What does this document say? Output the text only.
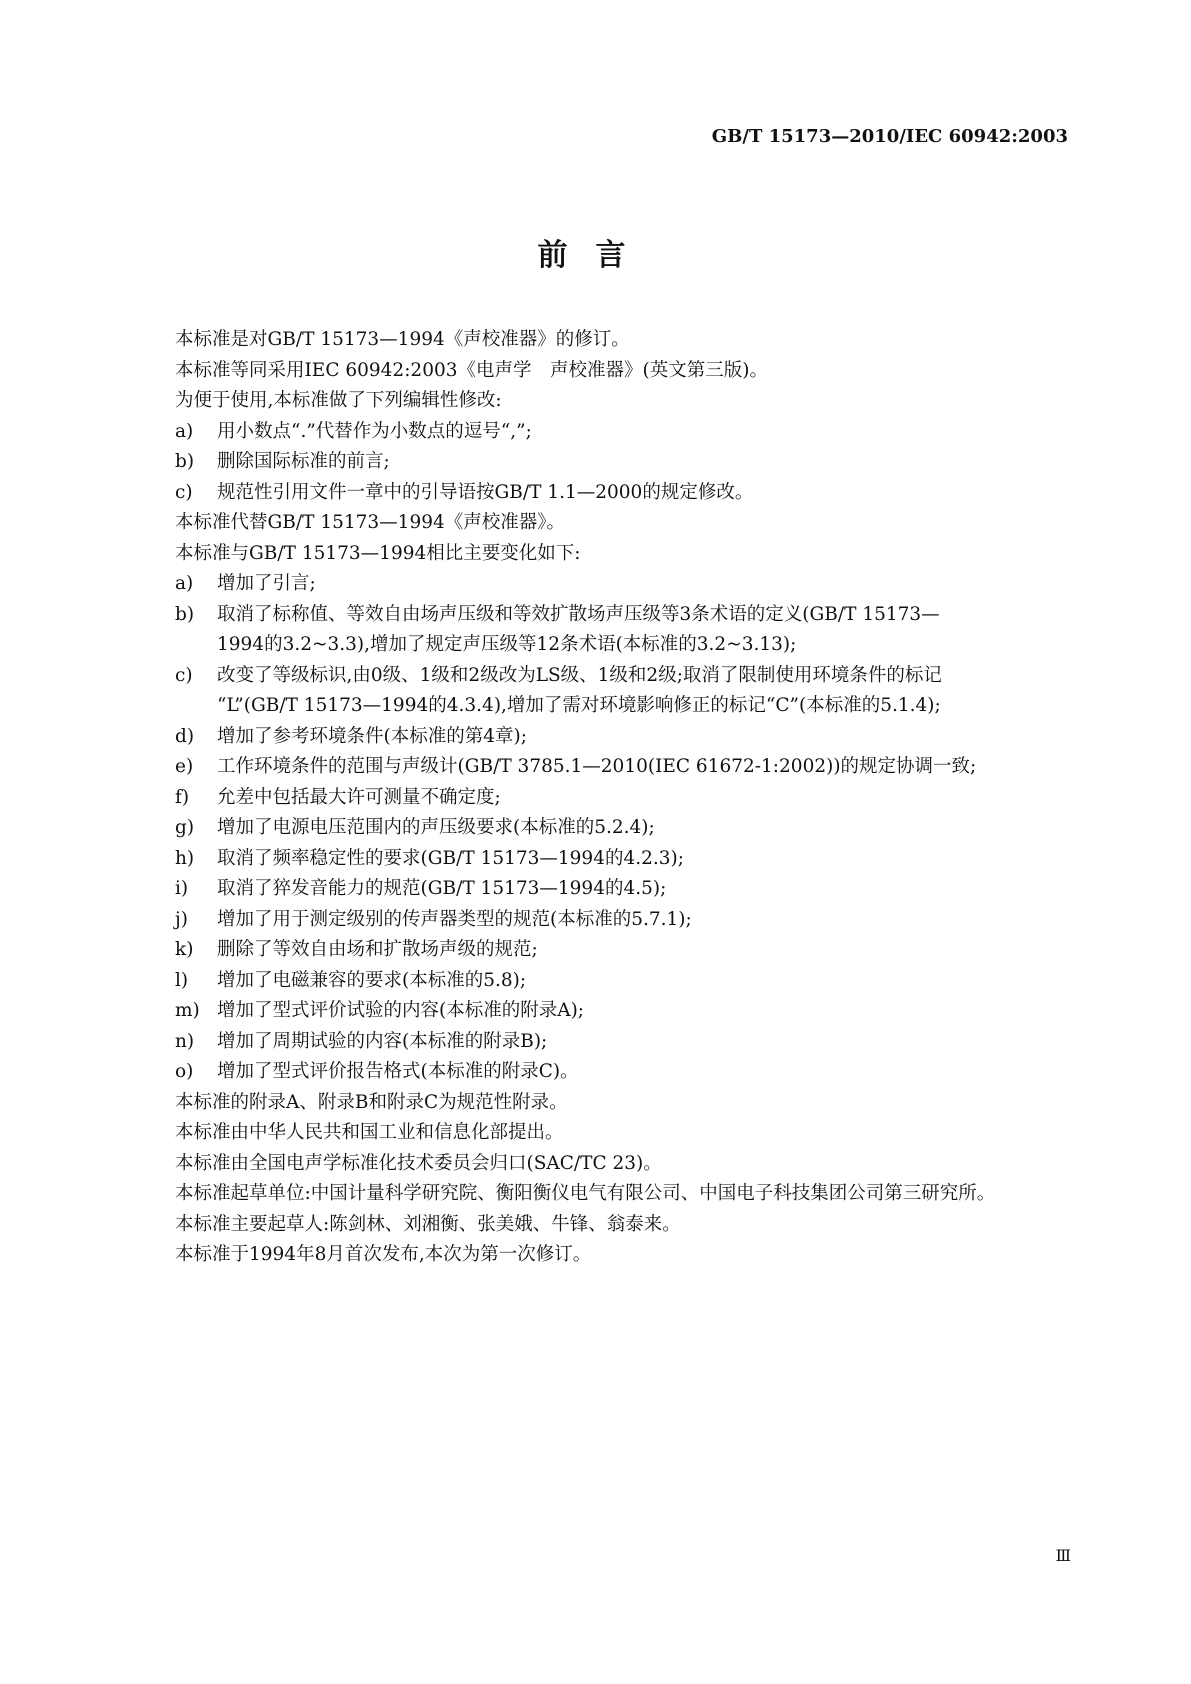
GB/T 15173—2010/IEC 60942:2003
前言
本标准是对GB/T 15173—1994《声校准器》的修订。
本标准等同采用IEC 60942:2003《电声学　声校准器》(英文第三版)。
为便于使用,本标准做了下列编辑性修改:
a) 用小数点“.”代替作为小数点的逗号“,”;
b) 删除国际标准的前言;
c) 规范性引用文件一章中的引导语按GB/T 1.1—2000的规定修改。
本标准代替GB/T 15173—1994《声校准器》。
本标准与GB/T 15173—1994相比主要变化如下:
a) 增加了引言;
b) 取消了标称值、等效自由场声压级和等效扩散场声压级等3条术语的定义(GB/T 15173—
1994的3.2~3.3),增加了规定声压级等12条术语(本标准的3.2~3.13);
c) 改变了等级标识,由0级、1级和2级改为LS级、1级和2级;取消了限制使用环境条件的标记
“L”(GB/T 15173—1994的4.3.4),增加了需对环境影响修正的标记“C”(本标准的5.1.4);
d) 增加了参考环境条件(本标准的第4章);
e) 工作环境条件的范围与声级计(GB/T 3785.1—2010(IEC 61672-1:2002))的规定协调一致;
f) 允差中包括最大许可测量不确定度;
g) 增加了电源电压范围内的声压级要求(本标准的5.2.4);
h) 取消了频率稳定性的要求(GB/T 15173—1994的4.2.3);
i) 取消了猝发音能力的规范(GB/T 15173—1994的4.5);
j) 增加了用于测定级别的传声器类型的规范(本标准的5.7.1);
k) 删除了等效自由场和扩散场声级的规范;
l) 增加了电磁兼容的要求(本标准的5.8);
m) 增加了型式评价试验的内容(本标准的附录A);
n) 增加了周期试验的内容(本标准的附录B);
o) 增加了型式评价报告格式(本标准的附录C)。
本标准的附录A、附录B和附录C为规范性附录。
本标准由中华人民共和国工业和信息化部提出。
本标准由全国电声学标准化技术委员会归口(SAC/TC 23)。
本标准起草单位:中国计量科学研究院、衡阳衡仪电气有限公司、中国电子科技集团公司第三研究所。
本标准主要起草人:陈剑林、刘湘衡、张美娥、牛锋、翁泰来。
本标准于1994年8月首次发布,本次为第一次修订。
Ⅲ
